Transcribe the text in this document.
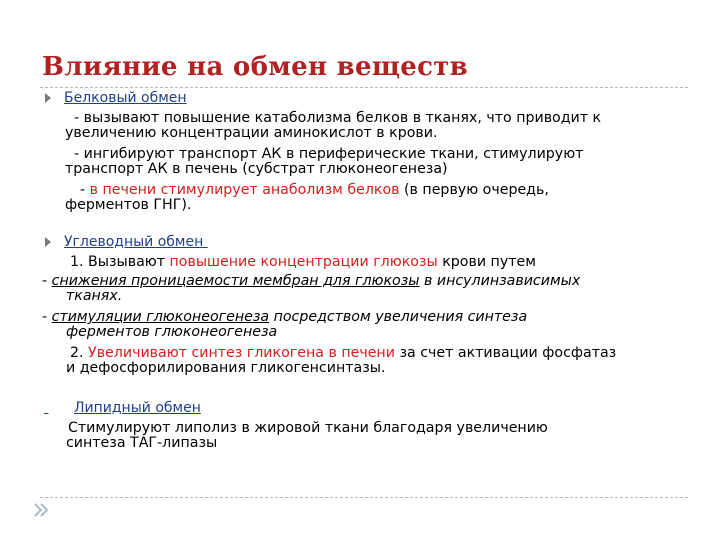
Влияние на обмен веществ
Белковый обмен
- вызывают повышение катаболизма белков в тканях, что приводит к
увеличению концентрации аминокислот в крови.
- ингибируют транспорт АК в периферические ткани, стимулируют
транспорт АК в печень (субстрат глюконеогенеза)
- в печени стимулирует анаболизм белков (в первую очередь,
ферментов ГНГ).
Углеводный обмен
1. Вызывают повышение концентрации глюкозы крови путем
- снижения проницаемости мембран для глюкозы в инсулинзависимых
тканях.
- стимуляции глюконеогенеза посредством увеличения синтеза
ферментов глюконеогенеза
2. Увеличивают синтез гликогена в печени за счет активации фосфатаз
и дефосфорилирования гликогенсинтазы.
Липидный обмен
Стимулируют липолиз в жировой ткани благодаря увеличению
синтеза ТАГ-липазы
